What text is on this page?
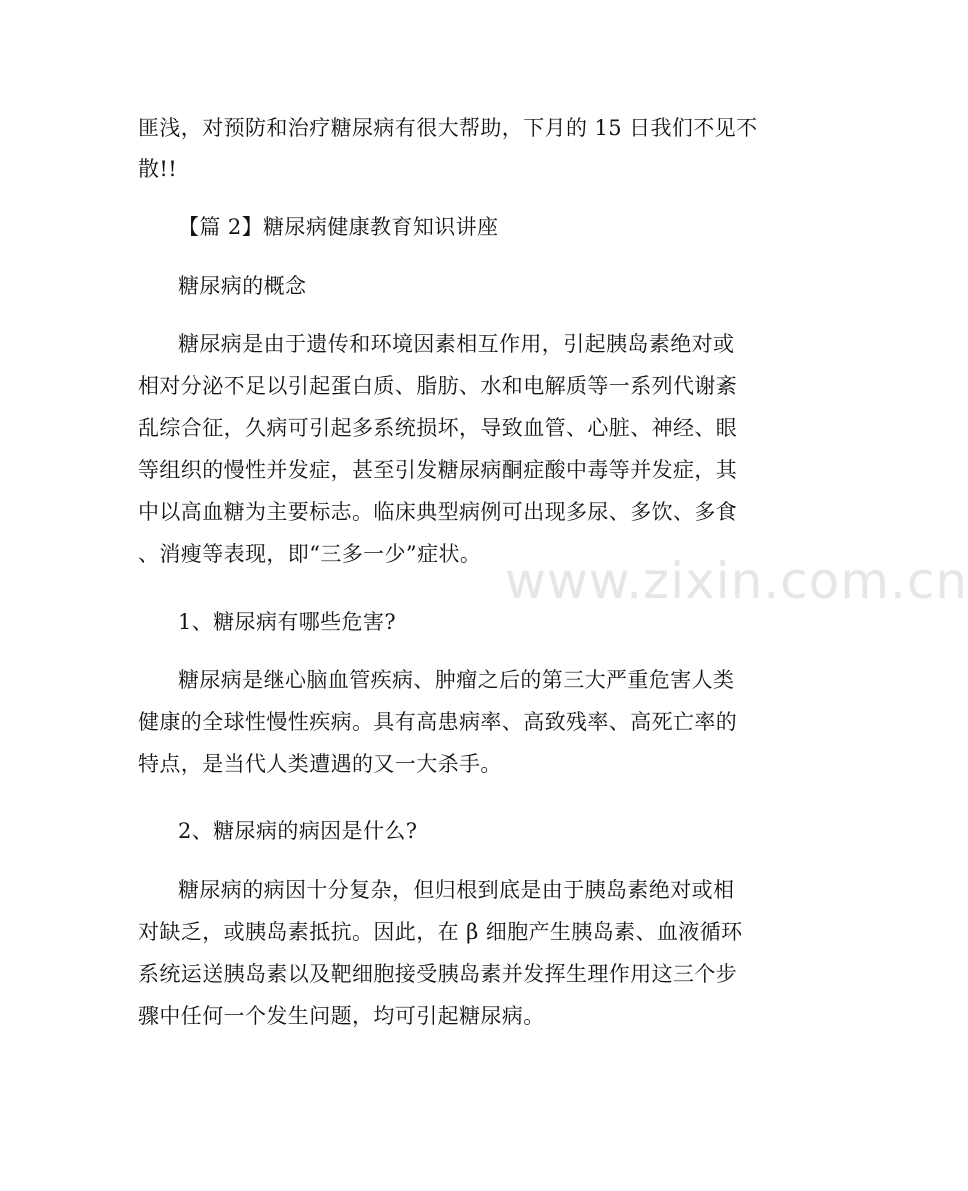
www.zixin.com.cn
匪浅，对预防和治疗糖尿病有很大帮助，下月的 15 日我们不见不
散!!
【篇 2】糖尿病健康教育知识讲座
糖尿病的概念
糖尿病是由于遗传和环境因素相互作用，引起胰岛素绝对或
相对分泌不足以引起蛋白质、脂肪、水和电解质等一系列代谢紊
乱综合征，久病可引起多系统损坏，导致血管、心脏、神经、眼
等组织的慢性并发症，甚至引发糖尿病酮症酸中毒等并发症，其
中以高血糖为主要标志。临床典型病例可出现多尿、多饮、多食
、消瘦等表现，即“三多一少”症状。
1、糖尿病有哪些危害?
糖尿病是继心脑血管疾病、肿瘤之后的第三大严重危害人类
健康的全球性慢性疾病。具有高患病率、高致残率、高死亡率的
特点，是当代人类遭遇的又一大杀手。
2、糖尿病的病因是什么?
糖尿病的病因十分复杂，但归根到底是由于胰岛素绝对或相
对缺乏，或胰岛素抵抗。因此，在 β 细胞产生胰岛素、血液循环
系统运送胰岛素以及靶细胞接受胰岛素并发挥生理作用这三个步
骤中任何一个发生问题，均可引起糖尿病。
